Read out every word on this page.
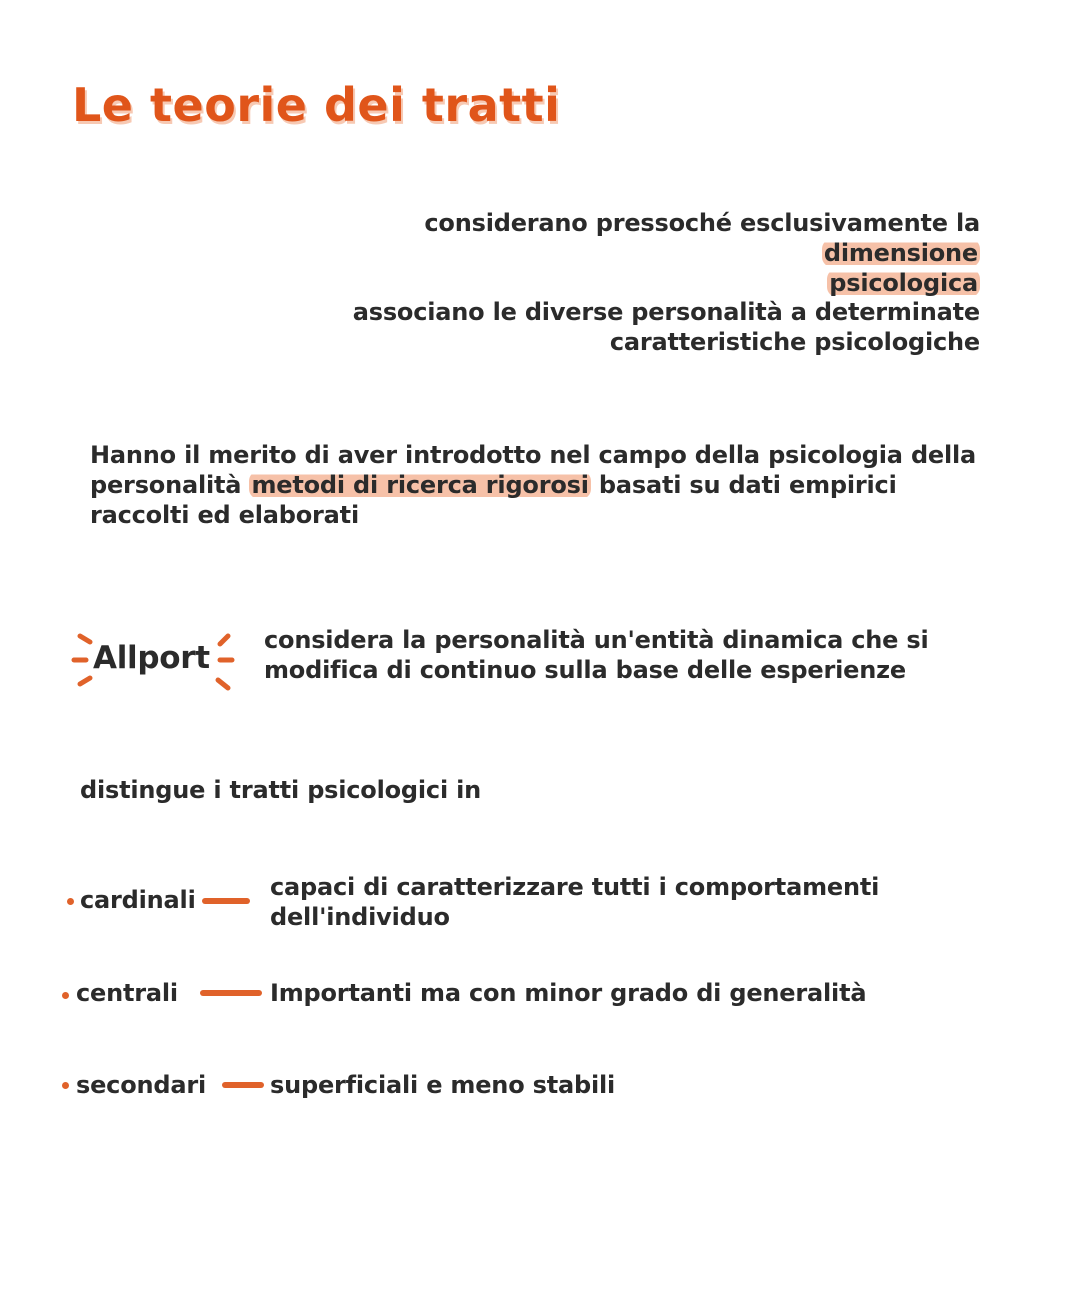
Le teorie dei tratti
considerano pressoché esclusivamente la dimensione
psicologica
associano le diverse personalità a determinate
caratteristiche psicologiche
Hanno il merito di aver introdotto nel campo della psicologia della personalità metodi di ricerca rigorosi basati su dati empirici raccolti ed elaborati
Allport considera la personalità un'entità dinamica che si modifica di continuo sulla base delle esperienze
distingue i tratti psicologici in
cardinali	capaci di caratterizzare tutti i comportamenti dell'individuo
centrali	Importanti ma con minor grado di generalità
secondari	superficiali e meno stabili
